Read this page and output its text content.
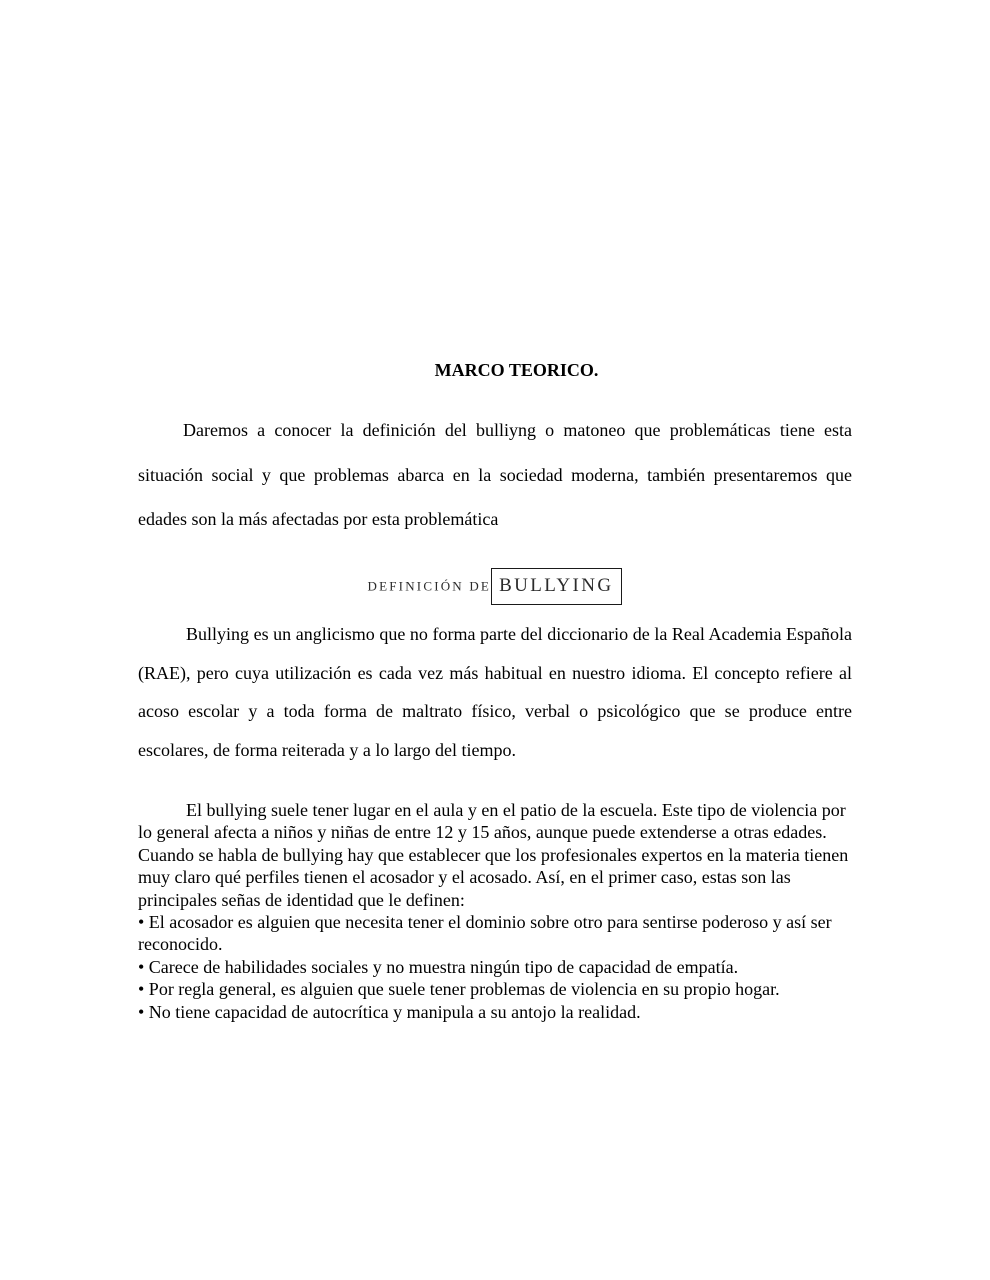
MARCO TEORICO.

Daremos a conocer la definición del bulliyng o matoneo que problemáticas tiene esta situación social y que problemas abarca en la sociedad moderna, también presentaremos que edades son la más afectadas por esta problemática

DEFINICIÓN DE BULLYING

Bullying es un anglicismo que no forma parte del diccionario de la Real Academia Española (RAE), pero cuya utilización es cada vez más habitual en nuestro idioma. El concepto refiere al acoso escolar y a toda forma de maltrato físico, verbal o psicológico que se produce entre escolares, de forma reiterada y a lo largo del tiempo.

El bullying suele tener lugar en el aula y en el patio de la escuela. Este tipo de violencia por lo general afecta a niños y niñas de entre 12 y 15 años, aunque puede extenderse a otras edades.

Cuando se habla de bullying hay que establecer que los profesionales expertos en la materia tienen muy claro qué perfiles tienen el acosador y el acosado. Así, en el primer caso, estas son las principales señas de identidad que le definen:

• El acosador es alguien que necesita tener el dominio sobre otro para sentirse poderoso y así ser reconocido.

• Carece de habilidades sociales y no muestra ningún tipo de capacidad de empatía.

• Por regla general, es alguien que suele tener problemas de violencia en su propio hogar.

• No tiene capacidad de autocrítica y manipula a su antojo la realidad.
